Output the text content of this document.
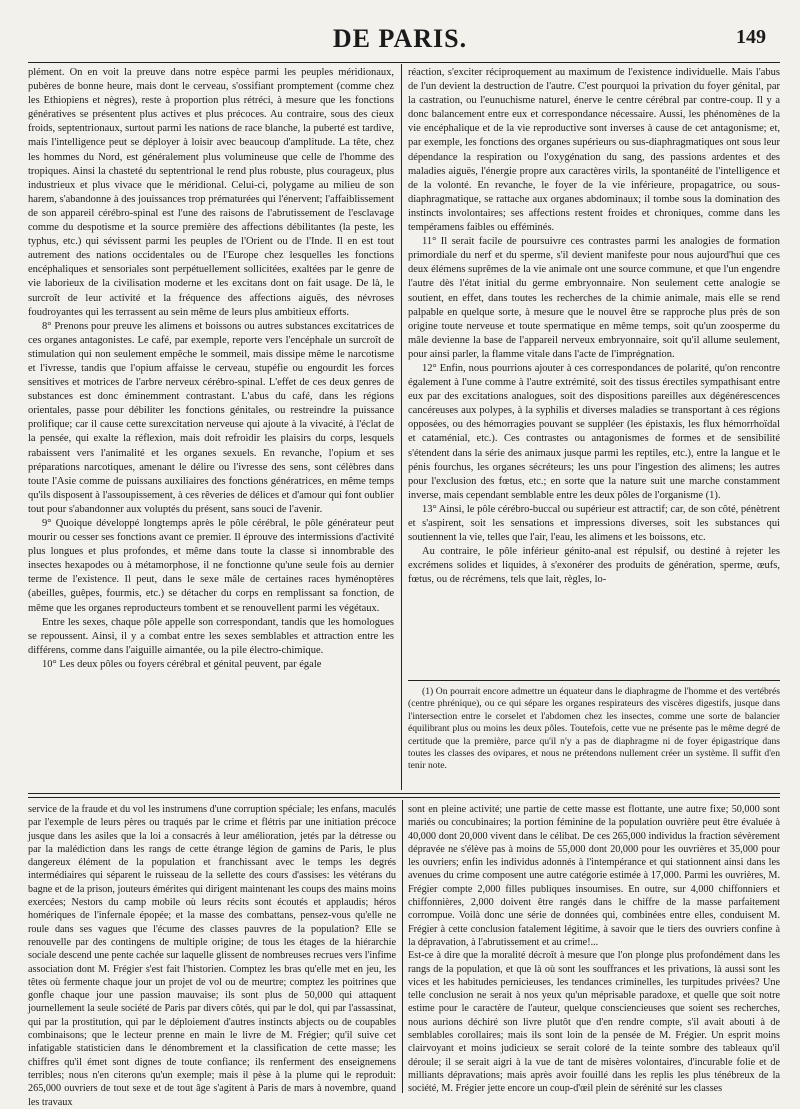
DE PARIS.	149

plément. On en voit la preuve dans notre espèce parmi les peuples méridionaux, pubères de bonne heure, mais dont le cerveau, s'ossifiant promptement (comme chez les Ethiopiens et nègres), reste à proportion plus rétréci, à mesure que les fonctions génératives se présentent plus actives et plus précoces. Au contraire, sous des cieux froids, septentrionaux, surtout parmi les nations de race blanche, la puberté est tardive, mais l'intelligence peut se déployer à loisir avec beaucoup d'amplitude. La tête, chez les hommes du Nord, est généralement plus volumineuse que celle de l'homme des tropiques. Ainsi la chasteté du septentrional le rend plus robuste, plus courageux, plus industrieux et plus vivace que le méridional. Celui-ci, polygame au milieu de son harem, s'abandonne à des jouissances trop prématurées qui l'énervent; l'affaiblissement de son appareil cérébro-spinal est l'une des raisons de l'abrutissement de l'esclavage comme du despotisme et la source première des affections débilitantes (la peste, les typhus, etc.) qui sévissent parmi les peuples de l'Orient ou de l'Inde. Il en est tout autrement des nations occidentales ou de l'Europe chez lesquelles les fonctions encéphaliques et sensoriales sont perpétuellement sollicitées, exaltées par le genre de vie laborieux de la civilisation moderne et les excitans dont on fait usage. De là, le surcroît de leur activité et la fréquence des affections aiguës, des névroses foudroyantes qui les terrassent au sein même de leurs plus ambitieux efforts.

8° Prenons pour preuve les alimens et boissons ou autres substances excitatrices de ces organes antagonistes. Le café, par exemple, reporte vers l'encéphale un surcroît de stimulation qui non seulement empêche le sommeil, mais dissipe même le narcotisme et l'ivresse, tandis que l'opium affaisse le cerveau, stupéfie ou engourdit les forces sensitives et motrices de l'arbre nerveux cérébro-spinal. L'effet de ces deux genres de substances est donc éminemment contrastant. L'abus du café, dans les régions orientales, passe pour débiliter les fonctions génitales, ou restreindre la puissance prolifique; car il cause cette surexcitation nerveuse qui ajoute à la vivacité, à l'éclat de la pensée, qui exalte la réflexion, mais doit refroidir les plaisirs du corps, lesquels rabaissent vers l'animalité et les organes sexuels. En revanche, l'opium et ses préparations narcotiques, amenant le délire ou l'ivresse des sens, sont célèbres dans toute l'Asie comme de puissans auxiliaires des fonctions génératrices, en même temps qu'ils disposent à l'assoupissement, à ces rêveries de délices et d'amour qui font oublier tout pour s'abandonner aux voluptés du présent, sans souci de l'avenir.

9° Quoique développé longtemps après le pôle cérébral, le pôle générateur peut mourir ou cesser ses fonctions avant ce premier. Il éprouve des intermissions d'activité plus longues et plus profondes, et même dans toute la classe si innombrable des insectes hexapodes ou à métamorphose, il ne fonctionne qu'une seule fois au dernier terme de l'existence. Il peut, dans le sexe mâle de certaines races hyménoptères (abeilles, guêpes, fourmis, etc.) se détacher du corps en remplissant sa fonction, de même que les organes reproducteurs tombent et se renouvellent parmi les végétaux.

Entre les sexes, chaque pôle appelle son correspondant, tandis que les homologues se repoussent. Ainsi, il y a combat entre les sexes semblables et attraction entre les différens, comme dans l'aiguille aimantée, ou la pile électro-chimique.

10° Les deux pôles ou foyers cérébral et génital peuvent, par égale

réaction, s'exciter réciproquement au maximum de l'existence individuelle. Mais l'abus de l'un devient la destruction de l'autre. C'est pourquoi la privation du foyer génital, par la castration, ou l'eunuchisme naturel, énerve le centre cérébral par contre-coup. Il y a donc balancement entre eux et correspondance nécessaire. Aussi, les phénomènes de la vie encéphalique et de la vie reproductive sont inverses à cause de cet antagonisme; et, par exemple, les fonctions des organes supérieurs ou sus-diaphragmatiques ont sous leur dépendance la respiration ou l'oxygénation du sang, des passions ardentes et des maladies aiguës, l'énergie propre aux caractères virils, la spontanéité de l'intelligence et de la volonté. En revanche, le foyer de la vie inférieure, propagatrice, ou sous-diaphragmatique, se rattache aux organes abdominaux; il tombe sous la domination des instincts involontaires; ses affections restent froides et chroniques, comme dans les tempéramens faibles ou efféminés.

11° Il serait facile de poursuivre ces contrastes parmi les analogies de formation primordiale du nerf et du sperme, s'il devient manifeste pour nous aujourd'hui que ces deux élémens suprêmes de la vie animale ont une source commune, et que l'un engendre l'autre dès l'état initial du germe embryonnaire. Non seulement cette analogie se soutient, en effet, dans toutes les recherches de la chimie animale, mais elle se rend palpable en quelque sorte, à mesure que le nouvel être se rapproche plus près de son origine toute nerveuse et toute spermatique en même temps, soit qu'un zoosperme du mâle devienne la base de l'appareil nerveux embryonnaire, soit qu'il allume seulement, pour ainsi parler, la flamme vitale dans l'acte de l'imprégnation.

12° Enfin, nous pourrions ajouter à ces correspondances de polarité, qu'on rencontre également à l'une comme à l'autre extrémité, soit des tissus érectiles sympathisant entre eux par des excitations analogues, soit des dispositions pareilles aux dégénérescences cancéreuses aux polypes, à la syphilis et diverses maladies se transportant à ces régions opposées, ou des hémorragies pouvant se suppléer (les épistaxis, les flux hémorrhoïdal et cataménial, etc.). Ces contrastes ou antagonismes de formes et de sensibilité s'étendent dans la série des animaux jusque parmi les reptiles, etc.), entre la langue et le pénis fourchus, les organes sécréteurs; les uns pour l'ingestion des alimens; les autres pour l'exclusion des fœtus, etc.; en sorte que la nature suit une marche constamment inverse, mais cependant semblable entre les deux pôles de l'organisme (1).

13° Ainsi, le pôle cérébro-buccal ou supérieur est attractif; car, de son côté, pénètrent et s'aspirent, soit les sensations et impressions diverses, soit les substances qui soutiennent la vie, telles que l'air, l'eau, les alimens et les boissons, etc.

Au contraire, le pôle inférieur génito-anal est répulsif, ou destiné à rejeter les excrémens solides et liquides, à s'exonérer des produits de génération, sperme, œufs, fœtus, ou de récrémens, tels que lait, règles, lo-

(1) On pourrait encore admettre un équateur dans le diaphragme de l'homme et des vertébrés (centre phrénique), ou ce qui sépare les organes respirateurs des viscères digestifs, jusque dans l'intersection entre le corselet et l'abdomen chez les insectes, comme une sorte de balancier équilibrant plus ou moins les deux pôles. Toutefois, cette vue ne présente pas le même degré de certitude que la première, parce qu'il n'y a pas de diaphragme ni de foyer épigastrique dans toutes les classes des ovipares, et nous ne prétendons nullement créer un système. Il suffit d'en tenir note.

service de la fraude et du vol les instrumens d'une corruption spéciale; les enfans, maculés par l'exemple de leurs pères ou traqués par le crime et flétris par une initiation précoce jusque dans les asiles que la loi a consacrés à leur amélioration, jetés par la détresse ou par la malédiction dans les rangs de cette étrange légion de gamins de Paris, le plus dangereux élément de la population et franchissant avec le temps les degrés intermédiaires qui séparent le ruisseau de la sellette des cours d'assises: les vétérans du bagne et de la prison, jouteurs émérites qui dirigent maintenant les coups des mains moins exercées; Nestors du camp mobile où leurs récits sont écoutés et applaudis; héros homériques de l'infernale épopée; et la masse des combattans, pensez-vous qu'elle ne roule dans ses vagues que l'écume des classes pauvres de la population? Elle se renouvelle par des contingens de multiple origine; de tous les étages de la hiérarchie sociale descend une pente cachée sur laquelle glissent de nombreuses recrues vers l'infime association dont M. Frégier s'est fait l'historien. Comptez les bras qu'elle met en jeu, les têtes où fermente chaque jour un projet de vol ou de meurtre; comptez les poitrines que gonfle chaque jour une passion mauvaise; ils sont plus de 50,000 qui attaquent journellement la seule société de Paris par divers côtés, qui par le dol, qui par l'assassinat, qui par la prostitution, qui par le déploiement d'autres instincts abjects ou de coupables combinaisons; que le lecteur prenne en main le livre de M. Frégier; qu'il suive cet infatigable statisticien dans le dénombrement et la classification de cette masse; les chiffres qu'il émet sont dignes de toute confiance; ils renferment des enseignemens terribles; nous n'en citerons qu'un exemple; mais il pèse à la plume qui le reproduit: 265,000 ouvriers de tout sexe et de tout âge s'agitent à Paris de mars à novembre, quand les travaux

sont en pleine activité; une partie de cette masse est flottante, une autre fixe; 50,000 sont mariés ou concubinaires; la portion féminine de la population ouvrière peut être évaluée à 40,000 dont 20,000 vivent dans le célibat. De ces 265,000 individus la fraction sévèrement dépravée ne s'élève pas à moins de 55,000 dont 20,000 pour les ouvrières et 35,000 pour les ouvriers; enfin les individus adonnés à l'intempérance et qui stationnent ainsi dans les avenues du crime composent une autre catégorie estimée à 17,000. Parmi les ouvrières, M. Frégier compte 2,000 filles publiques insoumises. En outre, sur 4,000 chiffonniers et chiffonnières, 2,000 doivent être rangés dans le chiffre de la masse parfaitement corrompue. Voilà donc une série de données qui, combinées entre elles, conduisent M. Frégier à cette conclusion fatalement légitime, à savoir que le tiers des ouvriers confine à la dépravation, à l'abrutissement et au crime!...
Est-ce à dire que la moralité décroît à mesure que l'on plonge plus profondément dans les rangs de la population, et que là où sont les souffrances et les privations, là aussi sont les vices et les habitudes pernicieuses, les tendances criminelles, les turpitudes privées? Une telle conclusion ne serait à nos yeux qu'un méprisable paradoxe, et quelle que soit notre estime pour le caractère de l'auteur, quelque consciencieuses que soient ses recherches, nous aurions déchiré son livre plutôt que d'en rendre compte, s'il avait abouti à de semblables corollaires; mais ils sont loin de la pensée de M. Frégier. Un esprit moins clairvoyant et moins judicieux se serait coloré de la teinte sombre des tableaux qu'il déroule; il se serait aigri à la vue de tant de misères volontaires, d'incurable folie et de milliants dépravations; mais après avoir fouillé dans les replis les plus ténébreux de la société, M. Frégier jette encore un coup-d'œil plein de sérénité sur les classes
